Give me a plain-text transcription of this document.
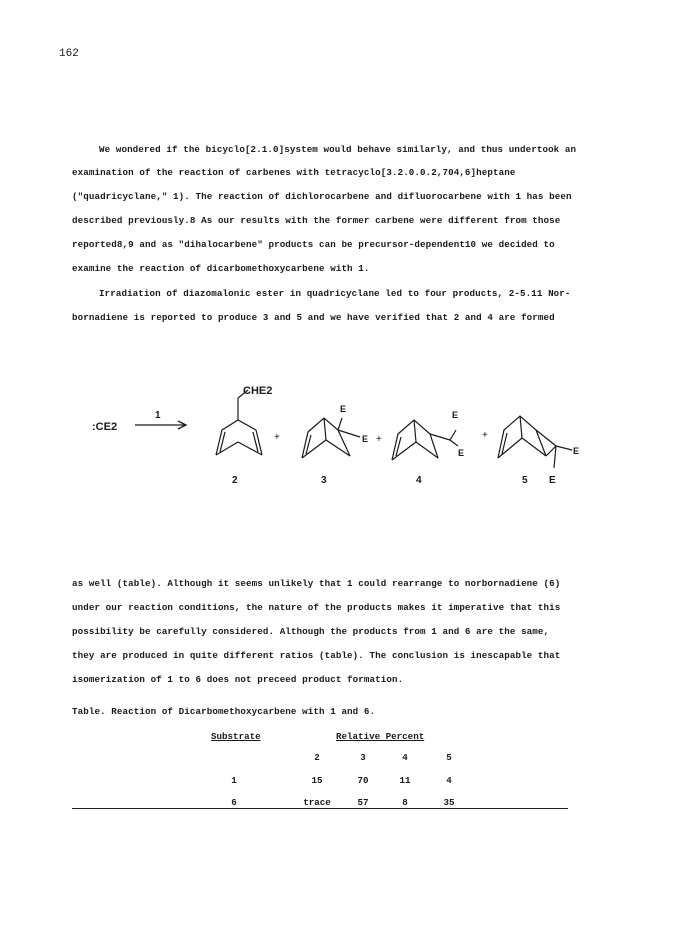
162
We wondered if the bicyclo[2.1.0]system would behave similarly, and thus undertook an
examination of the reaction of carbenes with tetracyclo[3.2.0.0.2,704,6]heptane
("quadricyclane," 1). The reaction of dichlorocarbene and difluorocarbene with 1 has been
described previously.8 As our results with the former carbene were different from those
reported8,9 and as "dihalocarbene" products can be precursor-dependent10 we decided to
examine the reaction of dicarbomethoxycarbene with 1.
Irradiation of diazomalonic ester in quadricyclane led to four products, 2-5.11 Nor-
bornadiene is reported to produce 3 and 5 and we have verified that 2 and 4 are formed
:CE2
1
CHE2
+
E
E +
E
E
+
E
2	3	4	5 E
as well (table). Although it seems unlikely that 1 could rearrange to norbornadiene (6)
under our reaction conditions, the nature of the products makes it imperative that this
possibility be carefully considered. Although the products from 1 and 6 are the same,
they are produced in quite different ratios (table). The conclusion is inescapable that
isomerization of 1 to 6 does not preceed product formation.
Table. Reaction of Dicarbomethoxycarbene with 1 and 6.
Substrate	Relative Percent
2	3	4	5
1	15	70	11	4
6	trace	57	8	35
